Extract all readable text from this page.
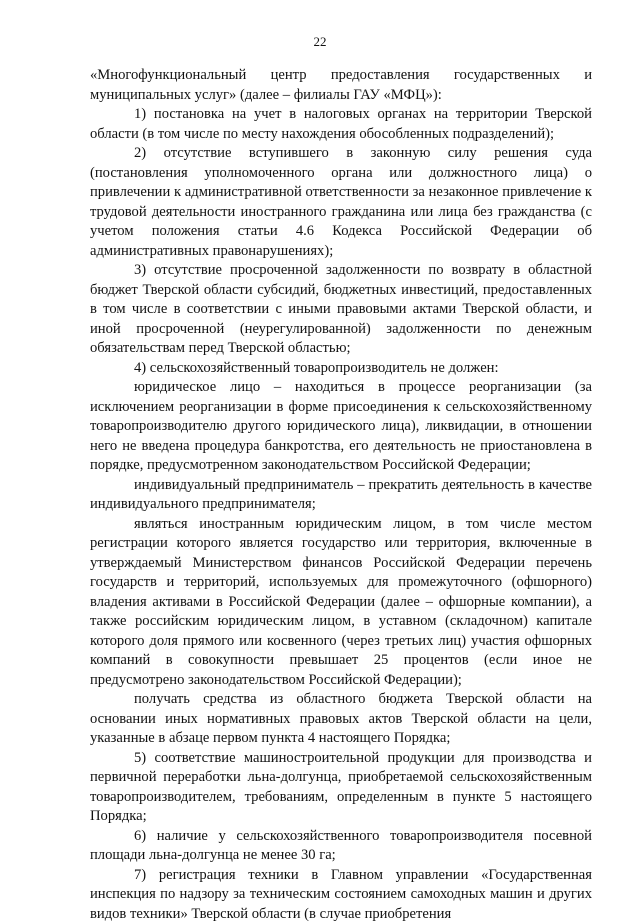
22

«Многофункциональный центр предоставления государственных и муниципальных услуг» (далее – филиалы ГАУ «МФЦ»):

1) постановка на учет в налоговых органах на территории Тверской области (в том числе по месту нахождения обособленных подразделений);

2) отсутствие вступившего в законную силу решения суда (постановления уполномоченного органа или должностного лица) о привлечении к административной ответственности за незаконное привлечение к трудовой деятельности иностранного гражданина или лица без гражданства (с учетом положения статьи 4.6 Кодекса Российской Федерации об административных правонарушениях);

3) отсутствие просроченной задолженности по возврату в областной бюджет Тверской области субсидий, бюджетных инвестиций, предоставленных в том числе в соответствии с иными правовыми актами Тверской области, и иной просроченной (неурегулированной) задолженности по денежным обязательствам перед Тверской областью;

4) сельскохозяйственный товаропроизводитель не должен:

юридическое лицо – находиться в процессе реорганизации (за исключением реорганизации в форме присоединения к сельскохозяйственному товаропроизводителю другого юридического лица), ликвидации, в отношении него не введена процедура банкротства, его деятельность не приостановлена в порядке, предусмотренном законодательством Российской Федерации;

индивидуальный предприниматель – прекратить деятельность в качестве индивидуального предпринимателя;

являться иностранным юридическим лицом, в том числе местом регистрации которого является государство или территория, включенные в утверждаемый Министерством финансов Российской Федерации перечень государств и территорий, используемых для промежуточного (офшорного) владения активами в Российской Федерации (далее – офшорные компании), а также российским юридическим лицом, в уставном (складочном) капитале которого доля прямого или косвенного (через третьих лиц) участия офшорных компаний в совокупности превышает 25 процентов (если иное не предусмотрено законодательством Российской Федерации);

получать средства из областного бюджета Тверской области на основании иных нормативных правовых актов Тверской области на цели, указанные в абзаце первом пункта 4 настоящего Порядка;

5) соответствие машиностроительной продукции для производства и первичной переработки льна-долгунца, приобретаемой сельскохозяйственным товаропроизводителем, требованиям, определенным в пункте 5 настоящего Порядка;

6) наличие у сельскохозяйственного товаропроизводителя посевной площади льна-долгунца не менее 30 га;

7) регистрация техники в Главном управлении «Государственная инспекция по надзору за техническим состоянием самоходных машин и других видов техники» Тверской области (в случае приобретения
